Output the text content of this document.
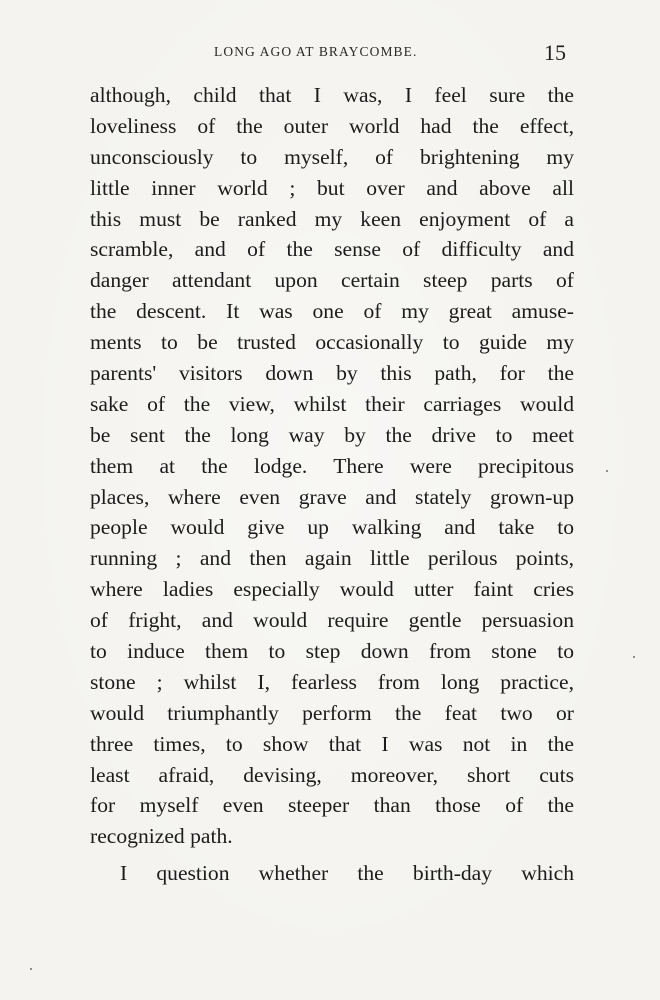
LONG AGO AT BRAYCOMBE.	15
although, child that I was, I feel sure the
loveliness of the outer world had the effect,
unconsciously to myself, of brightening my
little inner world ; but over and above all
this must be ranked my keen enjoyment of a
scramble, and of the sense of difficulty and
danger attendant upon certain steep parts of
the descent. It was one of my great amuse-
ments to be trusted occasionally to guide my
parents' visitors down by this path, for the
sake of the view, whilst their carriages would
be sent the long way by the drive to meet
them at the lodge. There were precipitous
places, where even grave and stately grown-up
people would give up walking and take to
running ; and then again little perilous points,
where ladies especially would utter faint cries
of fright, and would require gentle persuasion
to induce them to step down from stone to
stone ; whilst I, fearless from long practice,
would triumphantly perform the feat two or
three times, to show that I was not in the
least afraid, devising, moreover, short cuts
for myself even steeper than those of the
recognized path.
I question whether the birth-day which
